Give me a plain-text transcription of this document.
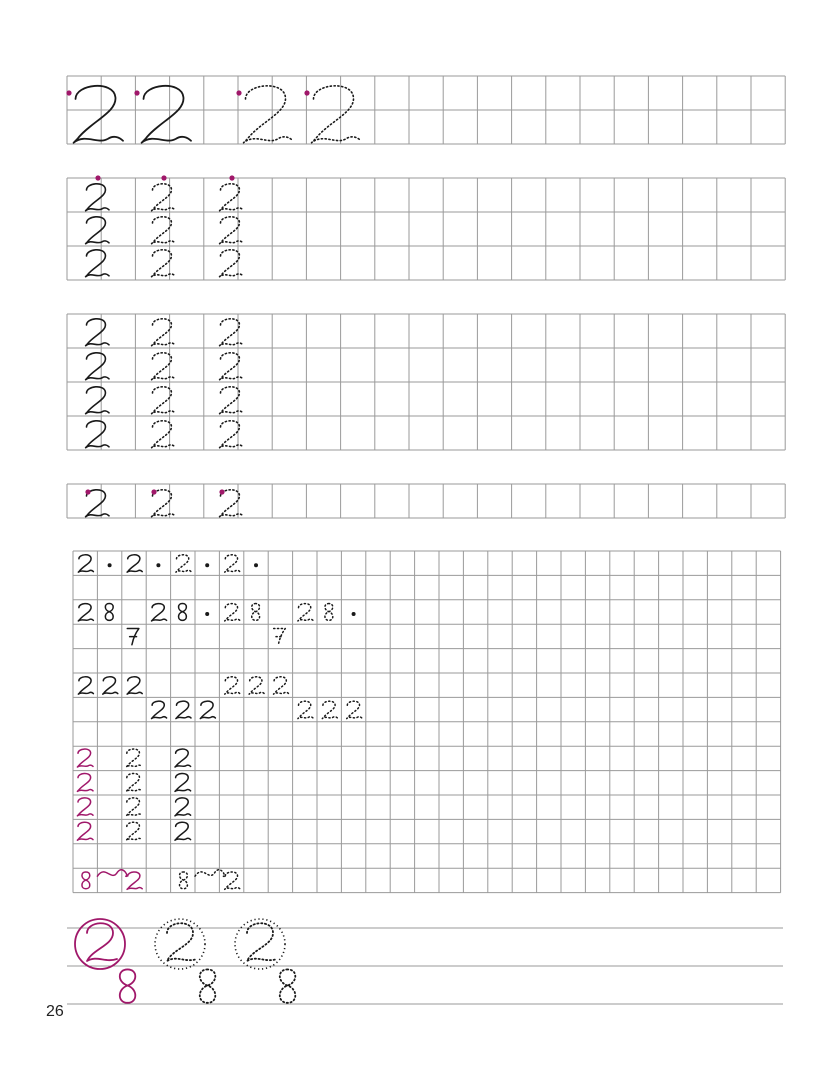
26
